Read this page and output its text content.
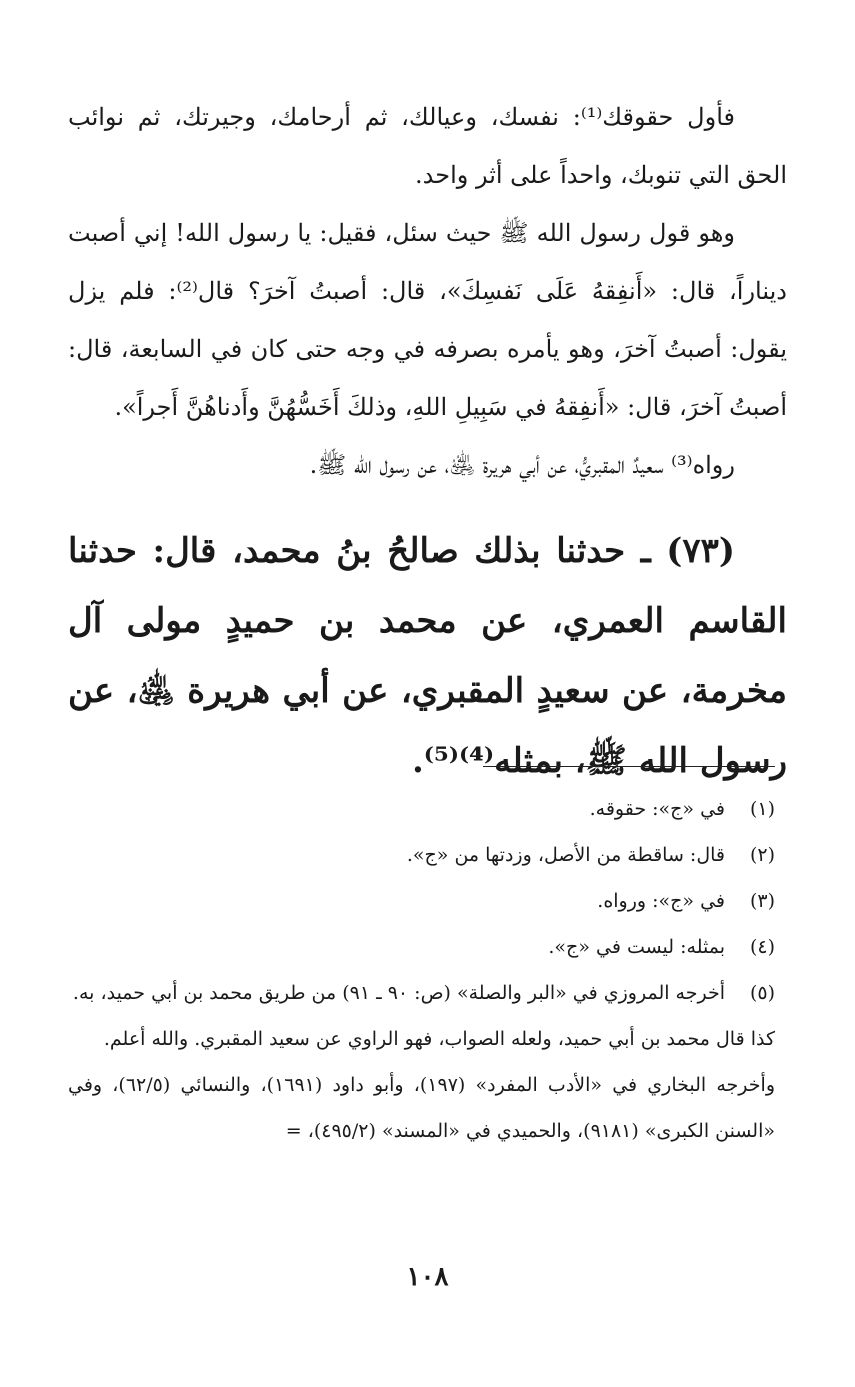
فأول حقوقك⁽¹⁾: نفسك، وعيالك، ثم أرحامك، وجيرتك، ثم نوائب الحق التي تنوبك، واحداً على أثر واحد.

وهو قول رسول الله ﷺ حيث سئل، فقيل: يا رسول الله! إني أصبت ديناراً، قال: «أَنفِقهُ عَلَى نَفسِكَ»، قال: أصبتُ آخرَ؟ قال⁽²⁾: فلم يزل يقول: أصبتُ آخرَ، وهو يأمره بصرفه في وجه حتى كان في السابعة، قال: أصبتُ آخرَ، قال: «أَنفِقهُ في سَبِيلِ اللهِ، وذلكَ أَخَسُّهُنَّ وأَدناهُنَّ أَجراً».

رواه⁽³⁾ سعيدٌ المقبريُّ، عن أبي هريرة ﵁، عن رسول الله ﷺ.

(٧٣) ـ حدثنا بذلك صالحُ بنُ محمد، قال: حدثنا القاسم العمري، عن محمد بن حميدٍ مولى آل مخرمة، عن سعيدٍ المقبري، عن أبي هريرة ﵁، عن رسول الله ﷺ، بمثله⁽⁴⁾⁽⁵⁾.

(١)
في «ج»: حقوقه.

(٢)
قال: ساقطة من الأصل، وزدتها من «ج».

(٣)
في «ج»: ورواه.

(٤)
بمثله: ليست في «ج».

(٥)
أخرجه المروزي في «البر والصلة» (ص: ٩٠ ـ ٩١) من طريق محمد بن أبي حميد، به.

كذا قال محمد بن أبي حميد، ولعله الصواب، فهو الراوي عن سعيد المقبري. والله أعلم.

وأخرجه البخاري في «الأدب المفرد» (١٩٧)، وأبو داود (١٦٩١)، والنسائي (٦٢/٥)، وفي «السنن الكبرى» (٩١٨١)، والحميدي في «المسند» (٤٩٥/٢)، =

١٠٨
